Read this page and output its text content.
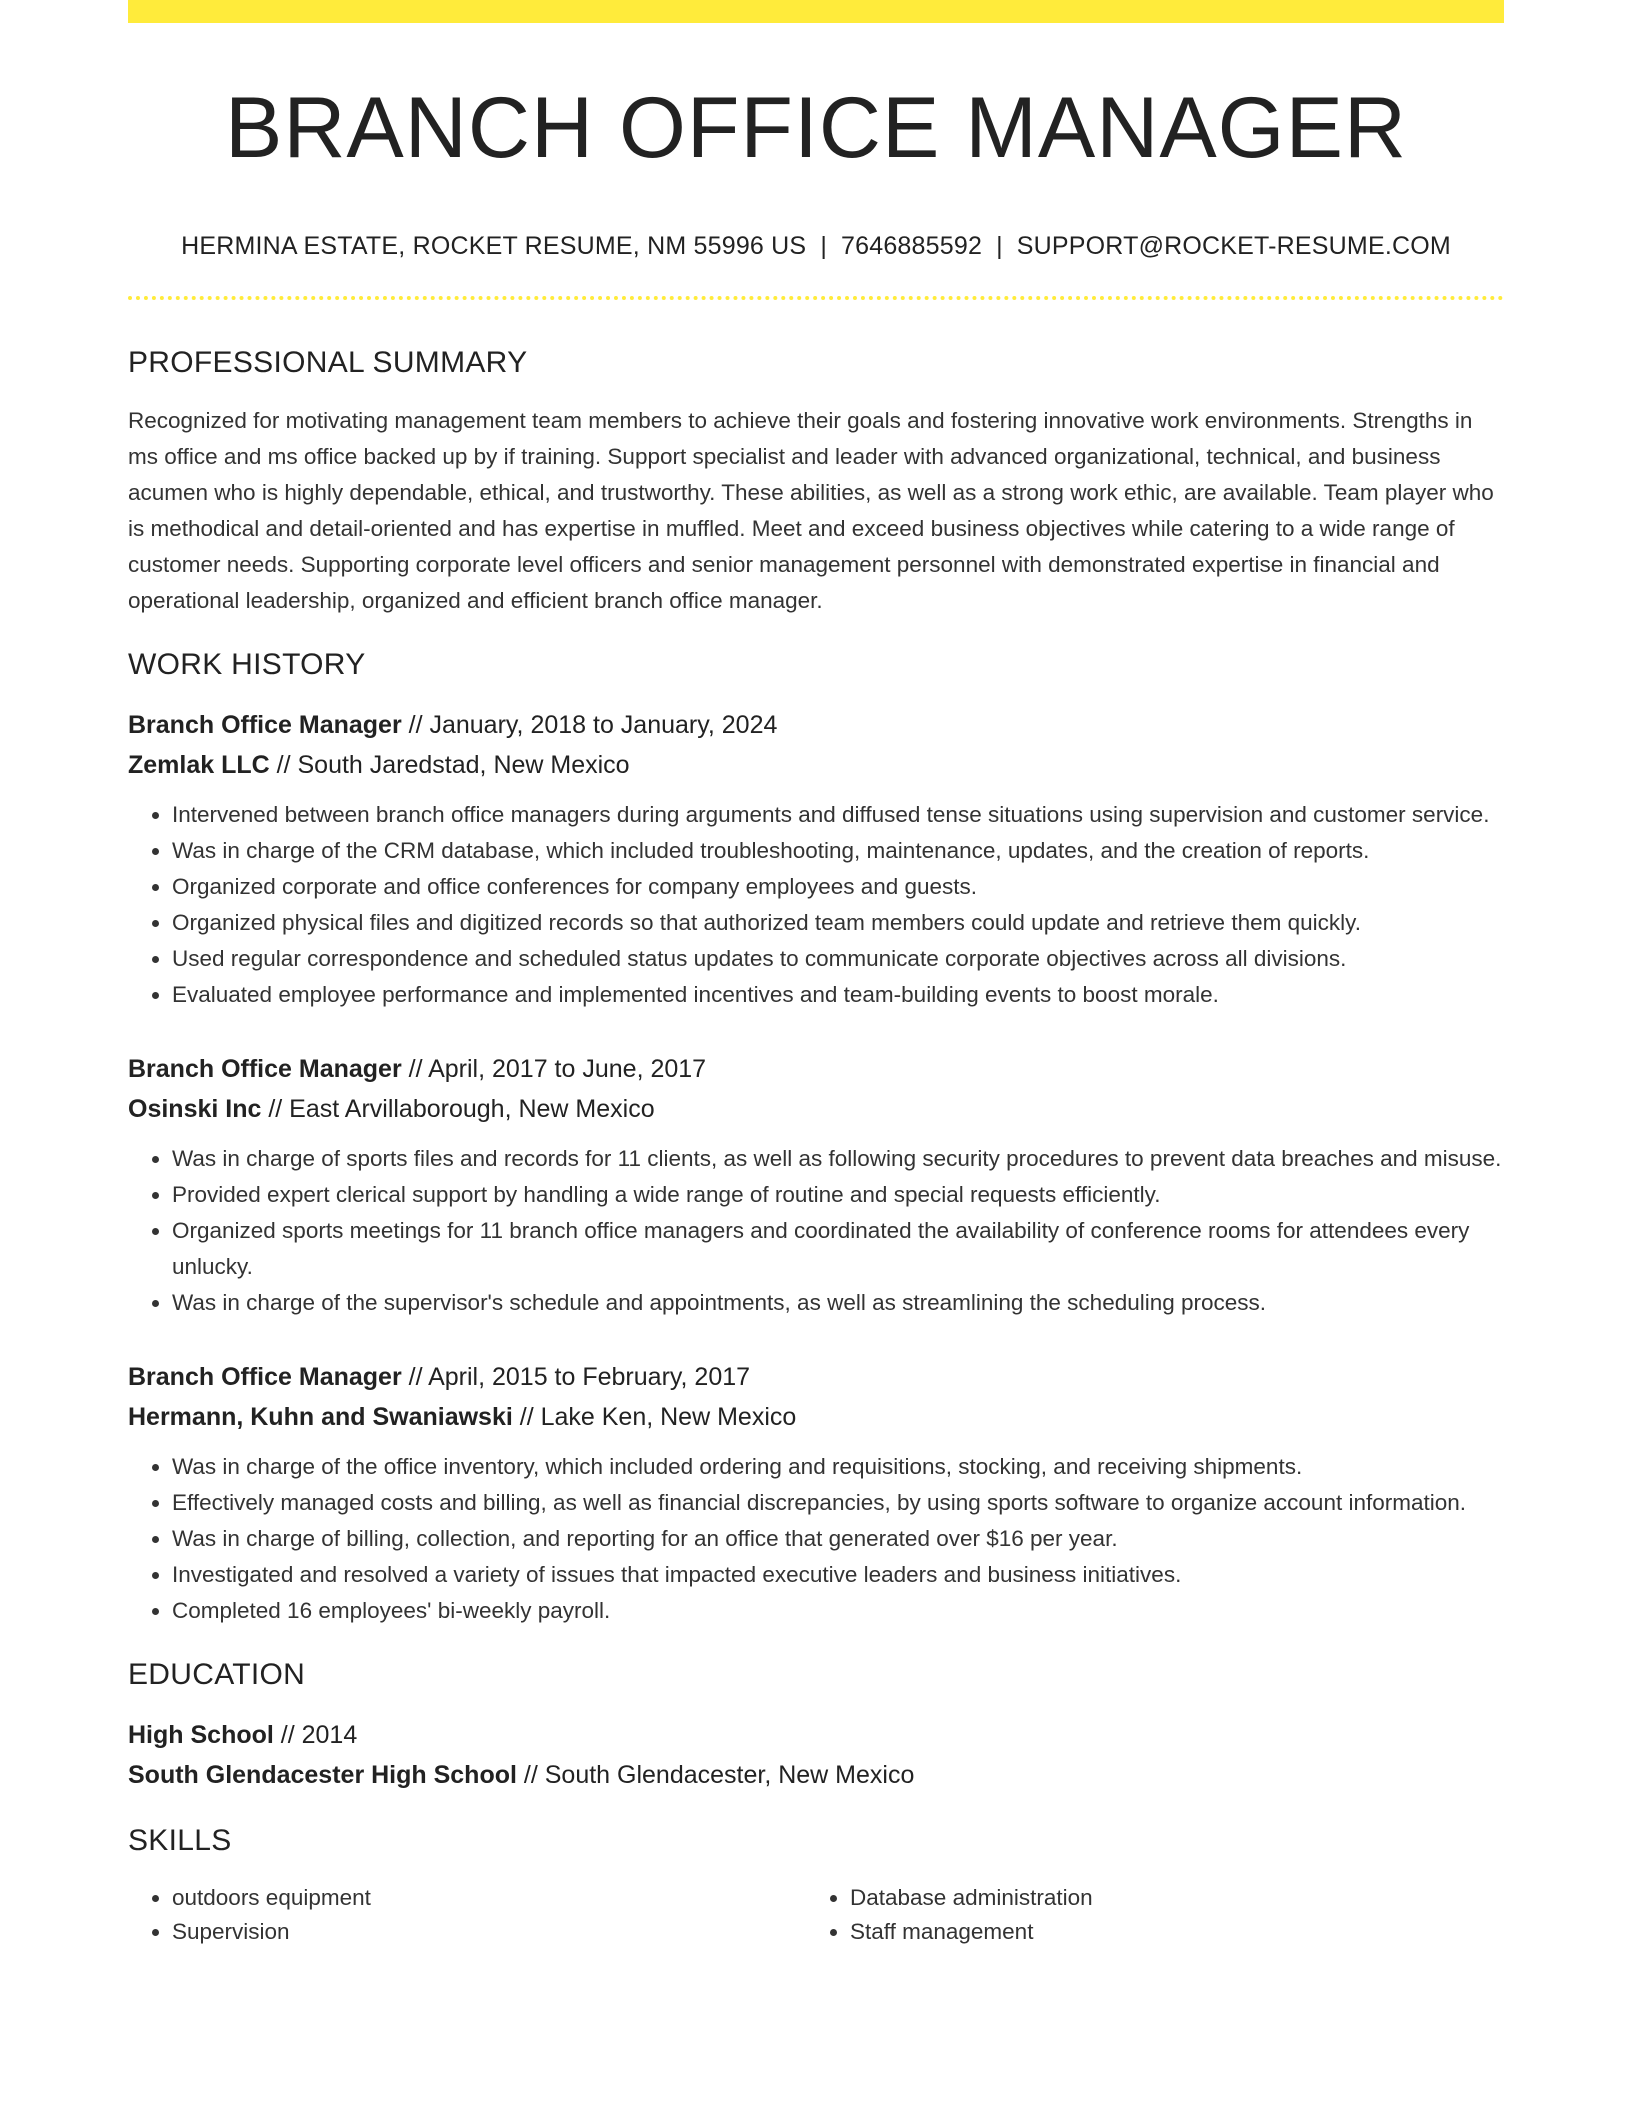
BRANCH OFFICE MANAGER
HERMINA ESTATE, ROCKET RESUME, NM 55996 US | 7646885592 | SUPPORT@ROCKET-RESUME.COM
PROFESSIONAL SUMMARY
Recognized for motivating management team members to achieve their goals and fostering innovative work environments. Strengths in ms office and ms office backed up by if training. Support specialist and leader with advanced organizational, technical, and business acumen who is highly dependable, ethical, and trustworthy. These abilities, as well as a strong work ethic, are available. Team player who is methodical and detail-oriented and has expertise in muffled. Meet and exceed business objectives while catering to a wide range of customer needs. Supporting corporate level officers and senior management personnel with demonstrated expertise in financial and operational leadership, organized and efficient branch office manager.
WORK HISTORY
Branch Office Manager // January, 2018 to January, 2024
Zemlak LLC // South Jaredstad, New Mexico
• Intervened between branch office managers during arguments and diffused tense situations using supervision and customer service.
• Was in charge of the CRM database, which included troubleshooting, maintenance, updates, and the creation of reports.
• Organized corporate and office conferences for company employees and guests.
• Organized physical files and digitized records so that authorized team members could update and retrieve them quickly.
• Used regular correspondence and scheduled status updates to communicate corporate objectives across all divisions.
• Evaluated employee performance and implemented incentives and team-building events to boost morale.
Branch Office Manager // April, 2017 to June, 2017
Osinski Inc // East Arvillaborough, New Mexico
• Was in charge of sports files and records for 11 clients, as well as following security procedures to prevent data breaches and misuse.
• Provided expert clerical support by handling a wide range of routine and special requests efficiently.
• Organized sports meetings for 11 branch office managers and coordinated the availability of conference rooms for attendees every unlucky.
• Was in charge of the supervisor's schedule and appointments, as well as streamlining the scheduling process.
Branch Office Manager // April, 2015 to February, 2017
Hermann, Kuhn and Swaniawski // Lake Ken, New Mexico
• Was in charge of the office inventory, which included ordering and requisitions, stocking, and receiving shipments.
• Effectively managed costs and billing, as well as financial discrepancies, by using sports software to organize account information.
• Was in charge of billing, collection, and reporting for an office that generated over $16 per year.
• Investigated and resolved a variety of issues that impacted executive leaders and business initiatives.
• Completed 16 employees' bi-weekly payroll.
EDUCATION
High School // 2014
South Glendacester High School // South Glendacester, New Mexico
SKILLS
• outdoors equipment
• Supervision
• Database administration
• Staff management
